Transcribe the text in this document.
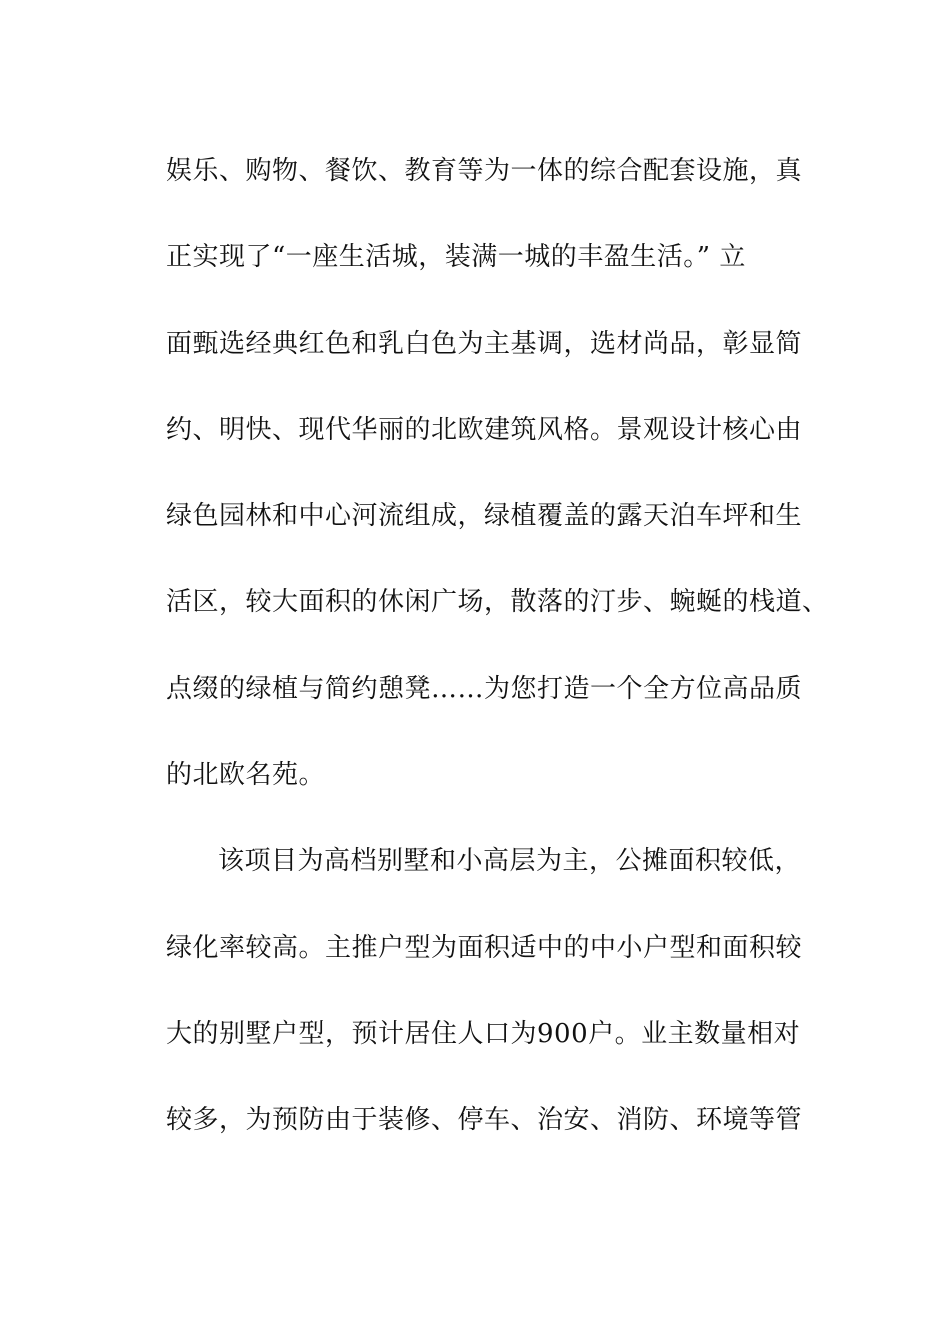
娱乐、购物、餐饮、教育等为一体的综合配套设施，真
正实现了“一座生活城，装满一城的丰盈生活。” 立
面甄选经典红色和乳白色为主基调，选材尚品，彰显简
约、明快、现代华丽的北欧建筑风格。景观设计核心由
绿色园林和中心河流组成，绿植覆盖的露天泊车坪和生
活区，较大面积的休闲广场，散落的汀步、蜿蜒的栈道、
点缀的绿植与简约憩凳……为您打造一个全方位高品质
的北欧名苑。
该项目为高档别墅和小高层为主，公摊面积较低，
绿化率较高。主推户型为面积适中的中小户型和面积较
大的别墅户型，预计居住人口为900户。业主数量相对
较多，为预防由于装修、停车、治安、消防、环境等管
